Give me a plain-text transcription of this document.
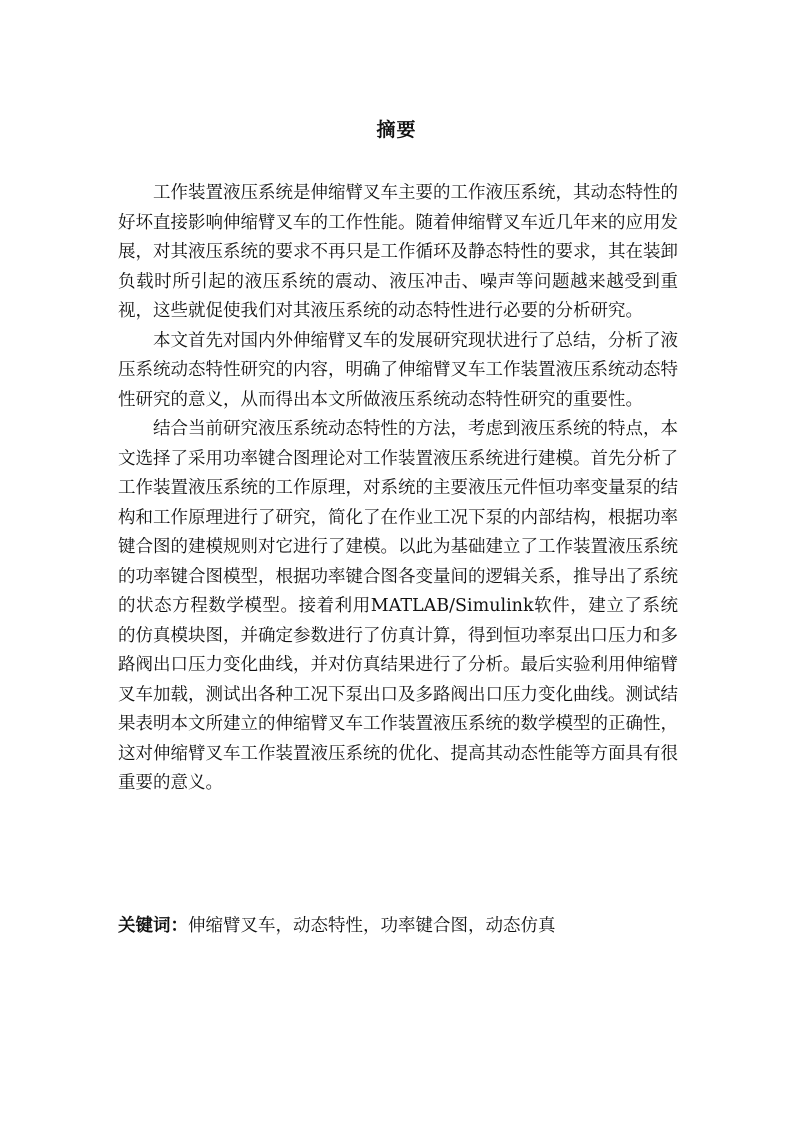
摘要

工作装置液压系统是伸缩臂叉车主要的工作液压系统，其动态特性的好坏直接影响伸缩臂叉车的工作性能。随着伸缩臂叉车近几年来的应用发展，对其液压系统的要求不再只是工作循环及静态特性的要求，其在装卸负载时所引起的液压系统的震动、液压冲击、噪声等问题越来越受到重视，这些就促使我们对其液压系统的动态特性进行必要的分析研究。

本文首先对国内外伸缩臂叉车的发展研究现状进行了总结，分析了液压系统动态特性研究的内容，明确了伸缩臂叉车工作装置液压系统动态特性研究的意义，从而得出本文所做液压系统动态特性研究的重要性。

结合当前研究液压系统动态特性的方法，考虑到液压系统的特点，本文选择了采用功率键合图理论对工作装置液压系统进行建模。首先分析了工作装置液压系统的工作原理，对系统的主要液压元件恒功率变量泵的结构和工作原理进行了研究，简化了在作业工况下泵的内部结构，根据功率键合图的建模规则对它进行了建模。以此为基础建立了工作装置液压系统的功率键合图模型，根据功率键合图各变量间的逻辑关系，推导出了系统的状态方程数学模型。接着利用MATLAB/Simulink软件，建立了系统的仿真模块图，并确定参数进行了仿真计算，得到恒功率泵出口压力和多路阀出口压力变化曲线，并对仿真结果进行了分析。最后实验利用伸缩臂叉车加载，测试出各种工况下泵出口及多路阀出口压力变化曲线。测试结果表明本文所建立的伸缩臂叉车工作装置液压系统的数学模型的正确性，这对伸缩臂叉车工作装置液压系统的优化、提高其动态性能等方面具有很重要的意义。

关键词：伸缩臂叉车，动态特性，功率键合图，动态仿真
